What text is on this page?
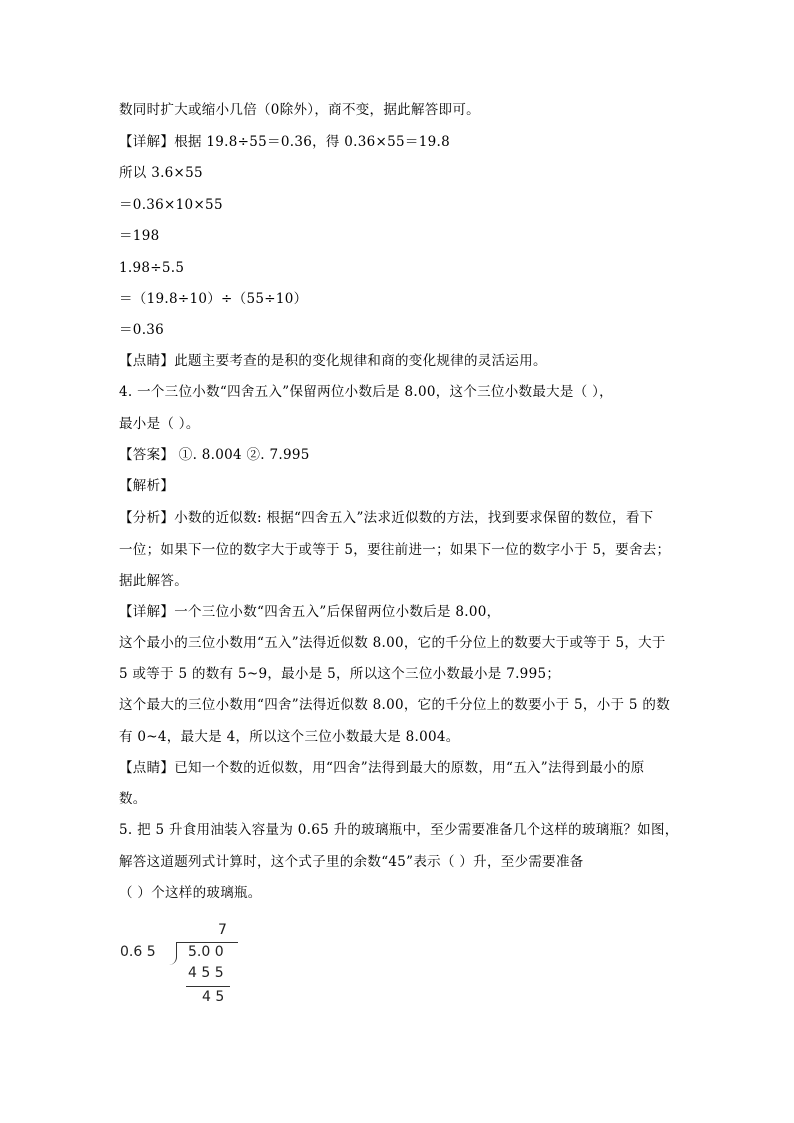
数同时扩大或缩小几倍（0除外），商不变，据此解答即可。
【详解】根据 19.8÷55＝0.36，得 0.36×55＝19.8
所以 3.6×55
＝0.36×10×55
＝198
1.98÷5.5
＝（19.8÷10）÷（55÷10）
＝0.36
【点睛】此题主要考查的是积的变化规律和商的变化规律的灵活运用。
4. 一个三位小数“四舍五入”保留两位小数后是 8.00，这个三位小数最大是（ ），
最小是（ ）。
【答案】 ①. 8.004 ②. 7.995
【解析】
【分析】小数的近似数: 根据“四舍五入”法求近似数的方法，找到要求保留的数位，看下
一位；如果下一位的数字大于或等于 5，要往前进一；如果下一位的数字小于 5，要舍去；
据此解答。
【详解】一个三位小数“四舍五入”后保留两位小数后是 8.00，
这个最小的三位小数用“五入”法得近似数 8.00，它的千分位上的数要大于或等于 5，大于
5 或等于 5 的数有 5~9，最小是 5，所以这个三位小数最小是 7.995；
这个最大的三位小数用“四舍”法得近似数 8.00，它的千分位上的数要小于 5，小于 5 的数
有 0~4，最大是 4，所以这个三位小数最大是 8.004。
【点睛】已知一个数的近似数，用“四舍”法得到最大的原数，用“五入”法得到最小的原
数。
5. 把 5 升食用油装入容量为 0.65 升的玻璃瓶中，至少需要准备几个这样的玻璃瓶？如图，
解答这道题列式计算时，这个式子里的余数“45”表示（ ）升，至少需要准备
（ ）个这样的玻璃瓶。
7
0.6 5 5.0 0
4 5 5
4 5
